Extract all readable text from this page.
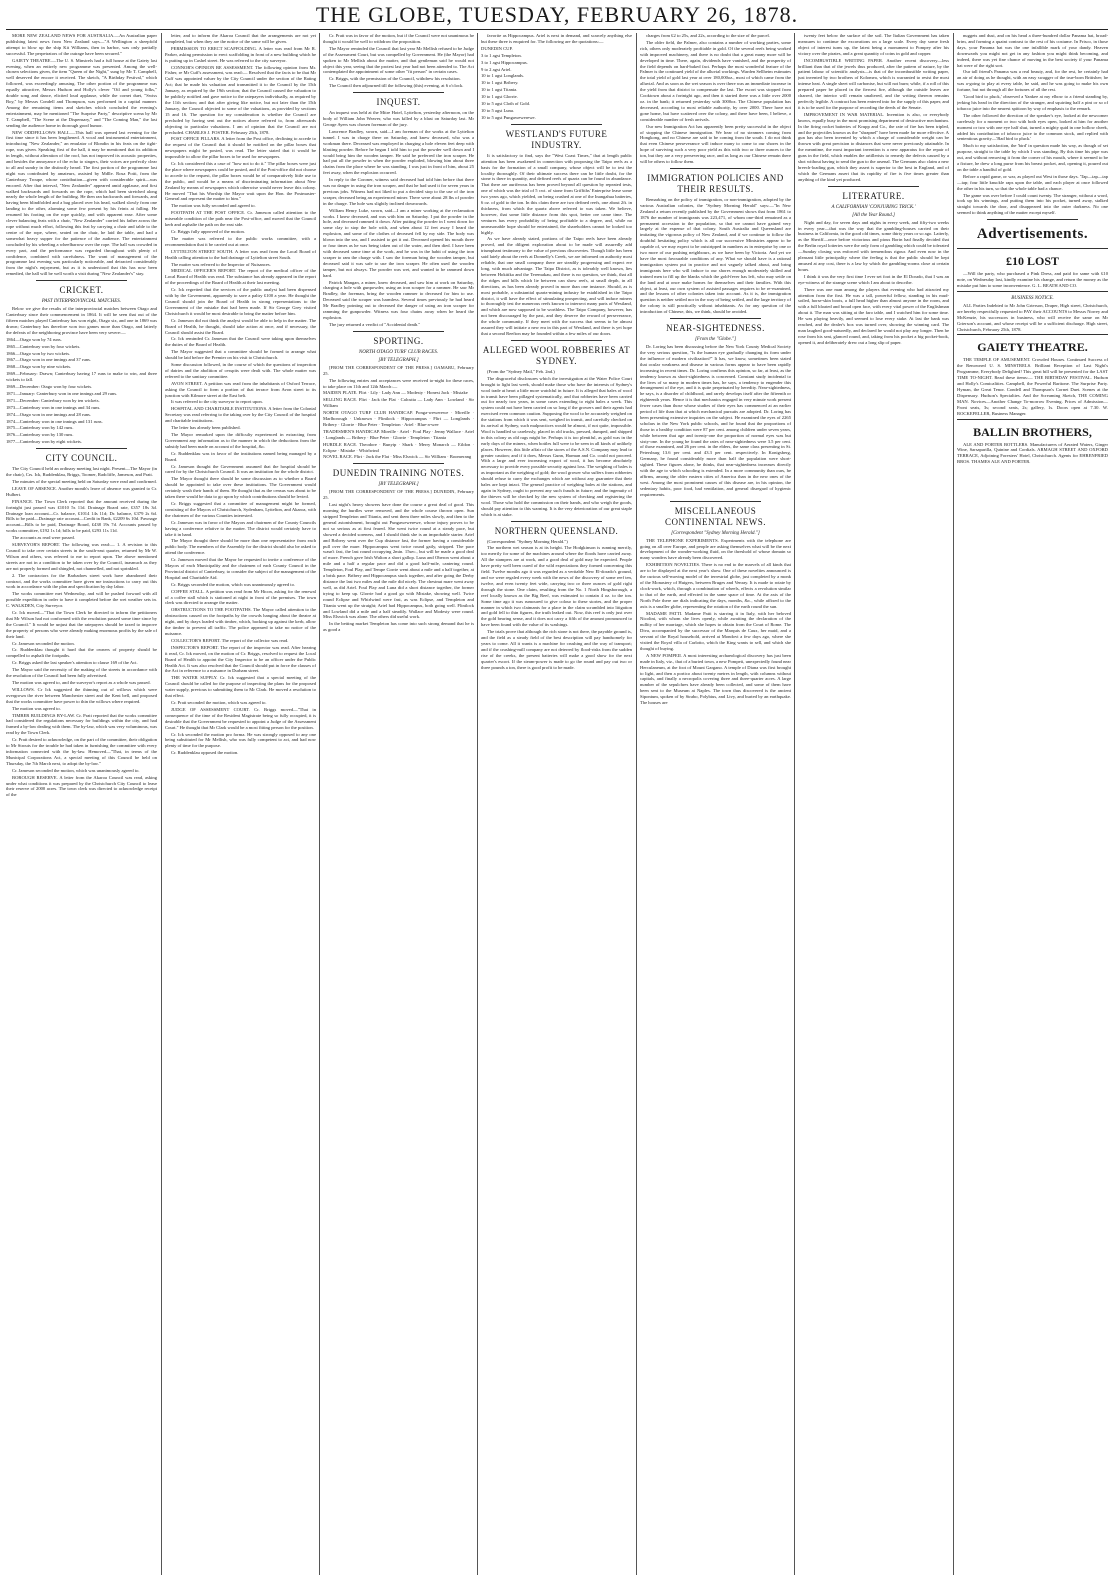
THE GLOBE, TUESDAY, FEBRUARY 26, 1878.

MORE NEW ZEALAND NEWS FOR AUSTRALIA.—An Australian paper publishing latest news from New Zealand says—"A Wellington a sheepfold attempt to blow up the ship Kit Williams, then in harbor, was only partially successful. The perpetrators of the outrage have been secured."

GAIETY THEATRE.—The U. S. Minstrels had a full house at the Gaiety last evening, when an entirely new programme was presented. Among the well-chosen selections given, the item "Queen of the Night," sung by Mr T. Campbell, well deserved the encore it received. The sketch, "A Birthday Festival," which followed, was exceedingly amusing. The other portion of the programme was equally attractive, Messrs Hudson and Holly's clever "Oil and young folks," double song and dance, elicited loud applause, while the cornet duet, "Swiss Boy," by Messrs Condell and Thompson, was performed in a capital manner. Among the remaining items and sketches which concluded the evening's entertainment, may be mentioned "The Surprise Party," descriptive scena by Mr T. Campbell, "The Scene at the Dispensary," and "The Coming Man," the last sending the audience home in thorough good humor.

NEW ODDFELLOWS HALL.—This hall was opened last evening for the first time since it has been lengthened. A vocal and instrumental entertainment, introducing "New Zealander," an emulator of Blondin in his feats on the tight-rope, was given. Speaking first of the hall, it may be mentioned that its addition in length, without alteration of the roof, has not improved its acoustic properties, and besides the annoyance of the echo to singers, their voices are perfectly clear to all and sundry in the distinctly heard. The first portion of the programme last night was contributed by amateurs, assisted by Mdlle. Rosa Potti, from the Canterbury Troupe, whose contribution—given with considerable spirit—was encored. After that interval, "New Zealander" appeared amid applause, and first walked backwards and forwards on the rope, which had been stretched along nearly the whole length of the building. He then ran backwards and forwards, and having been blindfolded and a bag placed over his head, walked slowly from one landing to the other, alarming some few present by his feints at falling. He resumed his footing on the rope quickly, and with apparent ease. After some clever balancing feats with a chair, "New Zealander" carried his father across the rope without much effort, following this feat by carrying a chair and table to the centre of the rope, where, seated on the chair, he laid the table, and had a somewhat heavy supper for the patience of the audience. The entertainment concluded by his wheeling a wheelbarrow over the rope. The hall was crowded in every part, and the performance was regarded throughout with plenty of confidence, combined with carefulness. The want of management of the programme last evening was particularly noticeable, and detracted considerably from the night's enjoyment, but as it is understood that this has now been remedied, the hall will be well worth a visit during "New Zealander's" stay.

CRICKET.
PAST INTERPROVINCIAL MATCHES.

Below we give the results of the interprovincial matches between Otago and Canterbury since their commencement in 1864. It will be seen that out of the fifteen matches played Canterbury has won eight, Otago six, and one in 1869 was drawn; Canterbury has therefore won two games more than Otago, and latterly the defeats of the neighboring province have been very severe:—

1864—Otago won by 74 runs.

1865—Canterbury won by four wickets.

1866—Otago won by two wickets.

1867—Otago won in one innings and 37 runs.

1868—Otago won by nine wickets.

1869—February: Drawn; Canterbury having 17 runs to make to win, and three wickets to fall.

1869—December: Otago won by four wickets.

1871—January: Canterbury won in one innings and 29 runs.

1871—December: Canterbury won by ten wickets.

1873—Canterbury won in one innings and 34 runs.

1874—Otago won in one innings and 28 runs.

1874—Canterbury won in one innings and 131 runs.

1875—Canterbury won by 142 runs.

1876—Canterbury won by 130 runs.

1877—Canterbury won by eight wickets.

CITY COUNCIL.

The City Council held an ordinary meeting last night. Present—The Mayor (in the chair), Crs. Ick, Ruddenklau, Briggs, Toomer, Radcliffe, Jameson, and Pratt.

The minutes of the special meeting held on Saturday were read and confirmed.

LEAVE OF ABSENCE. Another month's leave of absence was granted to Cr. Hulbert.

FINANCE. The Town Clerk reported that the amount received during the fortnight just passed was £1010 5s 11d. Drainage Board rate, £357 18s 3d. Drainage loan account—Cr. balance, £1014 14s 11d; Dr. balance, £379 2s 6d. Bills to be paid—Drainage rate account—Credit in Bank, £2209 6s 10d. Pawnage account—Bills to be paid, Drainage Board, £438 19s 7d. Accounts passed by works committee, £192 1s 1d; bills to be paid, £293 11s 11d.

The accounts as read were passed.

SURVEYOR'S REPORT. The following was read:— 1. A revision to this Council to take over certain streets in the south-east quarter, returned by Mr W. Wilson and others, was referred to me to report upon. The above mentioned streets are not in a condition to be taken over by the Council, inasmuch as they are not properly formed and shingled, not channelled, and not sprinkled.

2. The contractors for the Barbadoes street work have abandoned their contract, and the works committee have given me instructions to carry out this work in accordance with the plan and specification by day labor.

The works committee met Wednesday, and will be pushed forward with all possible expedition in order to have it completed before the wet weather sets in. C. WALKDEN, City Surveyor.

Cr. Ick moved—"That the Town Clerk be directed to inform the petitioners that Mr Wilson had not conformed with the resolution passed some time since by the Council." It would be unjust that the ratepayers should be taxed to improve the property of persons who were already making enormous profits by the sale of their land.

Cr. Jameson seconded the motion.

Cr. Ruddenklau thought it hard that the owners of property should be compelled to asphalt the footpaths.

Cr. Briggs asked the last speaker's attention to clause 169 of the Act.

The Mayor said the necessity of the making of the streets in accordance with the resolution of the Council had been fully advertised.

The motion was agreed to, and the surveyor's report as a whole was passed.

WILLOWS. Cr Ick suggested the thinning out of willows which were overgrown the river between Manchester street and the Kent bell, and proposed that the works committee have power to thin the willows where required.

The motion was agreed to.

TIMBER BUILDINGS BY-LAW. Cr. Pratt reported that the works committee had considered the regulations necessary for buildings within the city, and had framed a by-law dealing with them. The by-law, which was very voluminous, was read by the Town Clerk.

Cr. Pratt desired to acknowledge, on the part of the committee, their obligation to Mr Strouts for the trouble he had taken in furnishing the committee with every information connected with the by-law. Hemoved—"That, in terms of the Municipal Corporations Act, a special meeting of this Council be held on Thursday, the 7th March next, to adopt the by-law."

Cr. Jameson seconded the motion, which was unanimously agreed to.

BOROUGH RESERVE. A letter from the Akaroa Council was read, asking under what conditions it was prepared by the Christchurch City Council to lease their reserve of 2000 acres. The town clerk was directed to acknowledge receipt of the

letter, and to inform the Akaroa Council that the arrangements are not yet completed, but when they are the notice of the same will be given.

PERMISSION TO ERECT SCAFFOLDING. A letter was read from Mr R. Parker, asking permission to erect scaffolding in front of a new building which he is putting up in Cashel street. He was referred to the city surveyor.

CONNOR'S OPINION RE ASSESSMENT. The following opinion from Mr. Fisher, re Mr Cuff's assessment, was read:— Resolved that the facts to be that Mr Cuff was appointed valuer by the City Council under the section of the Rating Act; that he made his valuation and transmitted it to the Council by the 15th January, as required by the 19th section; that the Council caused the valuation to be publicly notified and gave notice to the ratepayers individually, as required by the 11th section; and that after giving like notice, but not later than the 15th January, the Council objected to some of the valuations, as provided by sections 15 and 16. The question for my consideration is whether the Council are precluded by having sent out the notices above referred to, from afterwards objecting to particular valuations. I am of opinion that the Council are not precluded. CHARLES J. FOSTER. February 25th, 1878.

POST OFFICE PILLARS. A letter from the Post office, declining to accede to the request of the Council that it should be notified on the pillar boxes that newspapers might be posted, was read. The letter stated that it would be impossible to allow the pillar boxes to be used for newspapers.

Cr. Ick considered this a case of "how not to do it." The pillar boxes were just the place where newspapers could be posted, and if the Post-office did not choose to accede to the request, the pillar boxes would be of comparatively little use to the public, and would be a means of discriminating information about New Zealand by means of newspapers which otherwise would never leave this colony. He moved "That his Worship the Mayor wait upon the Hon. the Postmaster-General and represent the matter to him."

The motion was fully seconded and agreed to.

FOOTPATH AT THE POST OFFICE. Cr. Jameson called attention to the miserable condition of the path near the Post-office, and moved that the Council kerb and asphalte the path on the east side.

Cr. Briggs fully approved of the motion.

The matter was referred to the public works committee, with a recommendation that it be carried out at once.

LYTTELTON STREET SOUTH. A letter was read from the Local Board of Health calling attention to the bad drainage of Lyttelton street South.

The matter was referred to the Inspector of Nuisances.

MEDICAL OFFICER'S REPORT. The report of the medical officer of the Local Board of Health was read. The substance has already appeared in the report of the proceedings of the Board of Health at their last meeting.

Cr. Ick regretted that the services of the public analyst had been dispensed with by the Government, apparently to save a paltry £100 a year. He thought the Council should join the Board of Health in strong representations to the Government of the mistake that had been made. If Sir George Grey visited Christchurch it would be most desirable to bring the matter before him.

Cr. Jameson did not think the analyst would be able to help in the matter. The Board of Health, he thought, should take action at once, and if necessary, the Council should assist the Board.

Cr. Ick reminded Cr. Jameson that the Council were taking upon themselves the duties of the Board of Health.

The Mayor suggested that a committee should be formed to arrange what should be laid before the Premier on his visit to Christchurch.

Some discussion followed, in the course of which the questions of inspection of dairies and the abolition of cesspits were dealt with. The whole matter was referred to the sanitary committee.

AVON STREET. A petition was read from the inhabitants of Oxford Terrace, asking the Council to form a portion of that terrace from Avon street to its junction with Kilmore street at the East belt.

It was referred to the city surveyor to report upon.

HOSPITAL AND CHARITABLE INSTITUTIONS. A letter from the Colonial Secretary was read referring to the taking over by the City Council of the hospital and charitable institutions.

The letter has already been published.

The Mayor remarked upon the difficulty experienced in extracting from Government any information as to the manner in which the deductions from the subsidy had been made on account of the hospital, &c.

Cr. Ruddenklau was in favor of the institutions named being managed by a Board.

Cr. Jameson thought the Government assumed that the hospital should be cared for by the Christchurch Council. It was an institution for the whole district.

The Mayor thought there should be some discussion as to whether a Board should be appointed to take over these institutions. The Government would certainly wash their hands of them. He thought that as the census was about to be taken there would be data to go upon by which contributions should be levied.

Cr. Briggs suggested that a committee of management might be formed, consisting of the Mayors of Christchurch, Sydenham, Lyttelton, and Akaroa, with the chairmen of the various Counties interested.

Cr. Jameson was in favor of the Mayors and chairmen of the County Councils having a conference relative to the matter. The district would certainly have to take it in hand.

The Mayor thought there should be more than one representative from each public body. The members of the Assembly for the district should also be asked to attend the conference.

Cr. Jameson moved that the Mayor be requested to invite a conference of the Mayors of each Municipality and the chairmen of each County Council in the Provincial district of Canterbury, to consider the subject of the management of the Hospital and Charitable Aid.

Cr. Briggs seconded the motion, which was unanimously agreed to.

COFFEE STALL. A petition was read from Mr Hicon, asking for the renewal of a coffee stall which is stationed at night in front of the premises. The town clerk was directed to arrange the matter.

OBSTRUCTIONS TO THE FOOTPATHS. The Mayor called attention to the obstructions caused on the footpaths by the crowds hanging about the theatre at night, and by drays loaded with timber, which, backing up against the kerb, allow the timber to prevent all traffic. The police appeared to take no notice of the nuisance.

COLLECTOR'S REPORT. The report of the collector was read.

INSPECTOR'S REPORT. The report of the inspector was read. After hearing it read, Cr. Ick moved, on the motion of Cr. Briggs, resolved to request the Local Board of Health to appoint the City Inspector to be an officer under the Public Health Act. It was also resolved that the Council should put in force the clauses of the Act in reference to a nuisance in Durham street.

THE WATER SUPPLY. Cr. Ick suggested that a special meeting of the Council should be called for the purpose of inspecting the plans for the proposed water supply, previous to submitting them to Mr Clark. He moved a resolution to that effect.

Cr. Pratt seconded the motion, which was agreed to.

JUDGE OF ASSESSMENT COURT. Cr. Briggs moved—"That in consequence of the time of the Resident Magistrate being so fully occupied, it is desirable that the Government be requested to appoint a Judge of the Assessment Court." He thought that Mr Clark would be a most fitting person for the position.

Cr. Ick seconded the motion pro forma. He was strongly opposed to any one being substituted for Mr Mellish, who was fully competent to act, and had now plenty of time for the purpose.

Cr. Ruddenklau opposed the motion.

Cr. Pratt was in favor of the motion, but if the Council were not unanimous he thought it would be well to withdraw the proposition.

The Mayor reminded the Council that last year Mr Mellish refused to be Judge of the Assessment Court, but was compelled by Government. He (the Mayor) had spoken to Mr Mellish about the matter, and that gentleman said he would not object this year, seeing that the protest last year had not been attended to. The Act contemplated the appointment of some other "fit person" in certain cases.

Cr. Briggs, with the permission of the Council, withdrew his resolution.

The Council then adjourned till the following (this) evening, at 6 o'clock.

INQUEST.

An inquest was held at the Mitre Hotel, Lyttelton, yesterday afternoon, on the body of William John Weaver, who was killed by a blast on Saturday last. Mr George Ayers was chosen foreman of the jury.

Lawrence Bradley, sworn, said—I am foreman of the works at the Lyttelton tunnel. I was in charge there on Saturday, and knew deceased, who was a workman there. Deceased was employed in charging a hole eleven feet deep with blasting powder. Before he began I told him to put the powder well down and I would bring him the wooden tamper. He said he preferred the iron scraper. He had put all the powder in when the powder exploded, blowing him about three chains from the place where he was standing. I was just in front of him, about 25 feet away, when the explosion occurred.

In reply to the Coroner, witness said deceased had told him before that there was no danger in using the iron scraper, and that he had used it for seven years in previous jobs. Witness had not liked to put a decided stop to the use of the iron scraper, deceased being an experienced miner. There were about 28 lbs of powder in the charge. The hole was slightly inclined downwards.

William Henry Luke, sworn, said—I am a miner working at the reclamation works. I knew deceased, and was with him on Saturday. I put the powder in the hole, and deceased rammed it down. After putting the powder in I went down for some clay to stop the hole with, and when about 12 feet away I heard the explosion, and some of the clothes of deceased fell by my side. The body was blown into the sea, and I assisted to get it out. Deceased opened his mouth three or four times as he was being taken out of the water, and then died. I have been with deceased some time at the work, and he was in the habit of using the iron scraper to ram the charge with. I saw the foreman bring the wooden tamper, but deceased said it was safe to use the iron scraper. He often used the wooden tamper, but not always. The powder was wet, and wanted to be rammed down hard.

Patrick Mangan, a miner, knew deceased, and saw him at work on Saturday, charging a hole with gunpowder, using an iron scraper for a rammer. He saw Mr Bradley, the foreman, bring the wooden rammer to deceased for him to use. Deceased said the scraper was harmless. Several times previously he had heard Mr Bradley pointing out to deceased the danger of using an iron scraper for ramming the gunpowder. Witness was four chains away when he heard the explosion.

The jury returned a verdict of "Accidental death."

SPORTING.
NORTH OTAGO TURF CLUB RACES.
[BY TELEGRAPH.]

[FROM THE CORRESPONDENT OF THE PRESS.] OAMARU, February 25.

The following entries and acceptances were received to-night for these races, to take place on 11th and 12th March:—

MAIDEN PLATE. Flirt · Lily · Lady Ann — Modesty · Honest Jack · Mistake

SELLING RACE. Flirt · Jack the Flat · Calcutta — Lady Ann · Lowland · Sir William

NORTH OTAGO TURF CLUB HANDICAP. Ponga-wewerewe · Mireille · Marlborough · Unknown · Flintlock · Hippocampus · Flirt — Longlands · Bribery · Glorrie · Blue Peter · Templeton · Ariel · Blue-a-wee

TRADESMEN'S HANDICAP. Mireille · Ariel · Foul Play · Jenny Wallace · Ariel · Longlands — Bribery · Blue Peter · Glorrie · Templeton · Titania

HURDLE RACE. Theodore · Bunyip · Shark · Merry Monarch — Eildon · Eclipse · Mistake · Whirlwind

NOVEL RACE. Flirt · Jack the Flat · Miss Elswick — Sir William · Boomerang

DUNEDIN TRAINING NOTES.
[BY TELEGRAPH.]

[FROM THE CORRESPONDENT OF THE PRESS.] DUNEDIN, February 25.

Last night's heavy showers have done the course a great deal of good. This morning the hurdles were removed, and the whole course thrown open. Sun stripped Templeton and Titania, and sent them three miles slowly, and then to the general astonishment, brought out Pungawewerewe, whose injury proves to be not so serious as at first feared. She went twice round at a steady pace, but showed a decided soreness, and I should think she is an improbable starter. Ariel and Bribery went over the Cup distance fast, the former having a considerable pull over the mare. Hippocampus went twice round gaily, stripped. The pace wasn't fast, the last round occupying 2min. 15sec., but will be made a good deal of more. French gave Irish Walton a short gallop. Luna and Oberon went about a mile and a half a regular pace and did a good half-mile, cantering round. Templeton, Foul Play, and Tempe Corrie went about a mile and a half together, at a brisk pace. Bribery and Hippocampus stuck together, and after going the Derby distance the last two miles and the mile did nicely. The chestnut mare went away well, as did Ariel. Foul Play and Luna did a short distance together, the former trying to keep up. Glorrie had a good go with Mistake, showing well. Twice round Eclipse and Whirlwind were fast, as was Eclipse, and Templeton and Titania went up the straight; Ariel had Hippocampus, both going well. Flintlock and Lowland did a mile and a half steadily. Wallace and Modesty were round. Miss Elswick was alone. The others did useful work.

In the betting market Templeton has come into such strong demand that he is as good a

favorite as Hippocampus. Ariel is next in demand, and scarcely anything else but these three is enquired for. The following are the quotations:—

DUNEDIN CUP.

3 to 1 agst Templeton.

3 to 1 agst Hippocampus.

9 to 2 agst Ariel.

10 to 1 agst Longlands.

10 to 1 agst Bribery.

10 to 1 agst Titania.

10 to 1 agst Glorrie.

10 to 5 agst Cloth of Gold.

10 to 5 agst Luna.

10 to 5 agst Pungawewerewe.

WESTLAND'S FUTURE INDUSTRY.

It is satisfactory to find, says the "West Coast Times," that at length public attention has been awakened in connection with proposing the Taipo reefs as a basis for the formation of a small company, whose object will be to test the locality thoroughly. Of their ultimate success there can be little doubt, for the stone is there in quantity, and defined reefs of quartz can be found in abundance. That there are auriferous has been proved beyond all question by repeated tests, one of which was the trial of 5 cwt. of stone from Griffiths' Enterprise lease some two years ago, which yielded, on being crushed at one of the Inangahua batteries, 6 oz. of gold to the ton. In this claim there are two defined reefs, one about 2ft. in thickness, from which the quartz above referred to was taken. We believe, however, that some little distance from this spot, better ore came time. The ventures has every probability of being profitable to a degree, and, while no unreasonable hope should be entertained, the shareholders cannot be looked too highly.

As we have already stated, portions of the Taipo reefs have been already proved, and the diligent exploration about to be made will assuredly add triumphant testimony to the value of previous discoveries. Though little has been said lately about the reefs at Donnelly's Creek, we are informed on authority most reliable, that one small company there are steadily progressing and expect ere long, with much advantage. The Taipo District, as is tolerably well known, lies between Hokitika and the Teremakau, and there is no question, we think, that all the ridges and hills which lie between can show reefs, at small depth, in all directions, as has been already proved in more than one instance. Should, as is most probable, a substantial quartz-mining industry be established in the Taipo district, it will have the effect of stimulating prospecting, and will induce miners to thoroughly test the numerous reefs known to intersect many parts of Westland, and which are now supposed to be worthless. The Taipo Company, however, has not been discouraged by the past, and they deserve the reward of perseverance, the whole community. If they meet with the success that seems to be almost assured they will initiate a new era in this part of Westland, and there is yet hope that a second Reefton may be founded within a few miles of our doors.

ALLEGED WOOL ROBBERIES AT SYDNEY.

(From the "Sydney Mail," Feb. 2nd.)

The disgraceful disclosures which the investigation at the Water Police Court brought to light last week, should make those who have the interests of Sydney's wool trade at heart a little more watchful in future. It is alleged that bales of wool in transit have been pillaged systematically, and that robberies have been carried out for nearly two years, in some cases extending to eight bales a week. This system could not have been carried on so long if the growers and their agents had exercised even common caution. Supposing the wool to be accurately weighed on the stations from which it was sent, weighed in transit, and carefully checked on its arrival at Sydney, such malpractices would be almost, if not quite, impossible. Wool is handled so carelessly, placed in old trucks, pressed, dumped, and shipped in this colony as old rags might be. Perhaps it is too plentiful, as gold was in the early days of the miners, when bottles full were to be seen in all kinds of unlikely places. However, this little affair of the stores of the A.S.N. Company may lead to greater caution; and if it does, Messrs Gunn, Harman and Co. could not proceed. With a large and ever increasing export of wool, it has become absolutely necessary to provide every possible security against loss. The weighing of bales is as important as the weighing of gold; the wool grower who suffers from robberies should refuse to carry the exchanges which are without any guarantee that their bales are kept intact. The general practice of weighing bales at the stations, and again in Sydney, ought to prevent any such frauds in future; and the ingenuity of the thieves will be checked by the new system of checking and registering the wool. Those who hold the commission on their hands, and who weigh the goods, should pay attention to this warning. It is the very deterioration of our great staple which is at stake.

NORTHERN QUEENSLAND.

(Correspondent "Sydney Morning Herald.")

The northern wet season is at its height. The Hodgkinson is running merrily, too merrily for some of the machines around where the floods have carried away. All the stampers are at work, and a good deal of gold may be expected. People have pretty well been cured of the wild expectations they formed concerning this field. Twelve months ago it was regarded as a veritable New El-dorado's ground, and we were regaled every week with the news of the discovery of some reef ten, twelve, and even twenty feet wide, carrying two or three ounces of gold right through the stone. One claim, resulting from the No. 1 North Hingsborough, a reef locally known as the Big Reef, was estimated to contain 4 oz. to the ton. Some time ago it was rumoured to give colour to these stories, and the proper manner in which two claimants for a place in the claim scrambled into litigation and gold fell to thin figures, the truth leaked out. Now, this reef is only just over the gold bearing sense, and it does not carry a fifth of the amount pronounced to have been found with the value of its washings.

The trials prove that although the rich stone is not there, the payable ground is, and the field as a steady field of the best description will pay handsomely for years to come. All it wants is a machine for crushing and the way of transport; and if the crushing-mill company are not deterred by flood-risks from the sudden rise of the creeks, the present batteries will make a good show for the next quarter's escort. If the steam-power is made to go the round and pay out two or three pounds a ton, there is good profit to be made.

charges from £2 to 25s, and 22s, according to the size of the parcel.

The older field, the Palmer, also contains a number of working parties, some rich, others only moderately profitable in gold. Of the several reefs being worked with improved machinery, and there is no doubt that a great many more will be developed in time. There, again, dividends have vanished, and the prosperity of the field depends on hard-baked fact. Perhaps the most wonderful feature of the Palmer is the continued yield of the alluvial workings. Warden Sellheim estimates the total yield of gold last year at over 180,000oz., most of which came from the alluvial. And as soon as the wet season is over there was an immediate increase in the yield from that district to compensate the last. The escort was stopped from Cooktown about a fortnight ago, and then it started there was a little over 2000 oz. in the bank; it returned yesterday with 3000oz. The Chinese population has decreased, according to most reliable authority, by over 2000. There have not gone home, but have scattered over the colony, and there have been, I believe, a considerable number of fresh arrivals.

Our new Immigration Act has apparently been pretty successful in the object of stopping the Chinese immigration. We hear of no steamers coming from Hongkong, and no Chinese are said to be coming from the south. I do not think that even Chinese perseverance will induce many to come to our shores in the hope of surviving such a very poor yield as this with two or three ounces to the ton, but they are a very persevering race, and as long as our Chinese remain there will be others to follow them.

IMMIGRATION POLICIES AND THEIR RESULTS.

Remarking on the policy of immigration, or non-immigration, adopted by the various Australian colonies, the "Sydney Morning Herald" says:—"In New Zealand a return recently published by the Government shows that from 1861 to 1876 the number of immigrants was 223,471, of whom one-third remained as a permanent accession to the population, so that we cannot have gained very largely at the expense of that colony. South Australia and Queensland are imitating the vigorous policy of New Zealand, and if we continue to follow the doubtful hesitating policy which is all our successive Ministries appear to be capable of, we may expect to be outstripped in numbers as in enterprise by one or two more of our pushing neighbours, as we have been by Victoria. And yet we have the most favourable conditions of any. What we should have is a rational immigration system put in practice and not vaguely talked about, and bring immigrants here who will induce to our shores enough moderately skilled and trained men to fill up the blanks which the gold-fever has left, who may settle on the land and at once make homes for themselves and their families. With this object, at least, our own system of assisted passages requires to be re-examined, and the lessons of other colonies taken into account. As it is, the immigration question is neither settled nor in the way of being settled, and the large territory of the colony is still practically without inhabitants. As for any question of the introduction of Chinese, this, we think, should be avoided.

NEAR-SIGHTEDNESS.
[From the "Globe."]

Dr. Loring has been discussing before the New York County Medical Society the very serious question, "Is the human eye gradually changing its form under the influence of modern civilization?" It has, we know, sometimes been stated that ocular weakness and disease in various forms appear to have been rapidly increasing in recent times. Dr. Loring confirms this opinion, so far, at least, as the tendency known as short-sightedness is concerned. Constant study incidental to the lives of so many in modern times has, he says, a tendency to engender this derangement of the eye, and it is quite perpetuated by heredity. Near-sightedness, he says, is a disorder of childhood, and rarely develops itself after the fifteenth or eighteenth years. Hence it is that mechanics engaged in very minute work present fewer cases than those whose studies of their eyes has commenced at an earlier period of life than that at which mechanical pursuits are adopted. Dr. Loring has been presenting extensive inquiries on the subject. He examined the eyes of 2265 scholars in the New York public schools, and he found that the proportions of those in a healthy condition were 87 per cent. among children under seven years, while between that age and twenty-one the proportion of normal eyes was but sixty-one. In the young he found the rates of near-sightedness were 3.5 per cent. of those examined, and 26 per cent. in the elders, the same class presenting in St. Petersburg 13.6 per cent. and 43.3 per cent. respectively. In Konigsberg, Germany, he found considerably more than half the population were short-sighted. These figures alone, he thinks, that near-sightedness increases directly with the age to which schooling is extended. In a more community than ours, he affirms, among the older eastern cities of America than in the new ones of the west. Among the most prominent causes of this disease are, in his opinion, the sedentary habits, poor food, bad ventilation, and general disregard of hygienic requirements.

MISCELLANEOUS CONTINENTAL NEWS.
[Correspondent "Sydney Morning Herald."]

THE TELEPHONE EXPERIMENTS. Experiments with the telephone are going on all over Europe, and people are asking themselves what will be the next development of the wonder-working fluid, on the threshold of whose domain so many wonders have already been discovered.

EXHIBITION NOVELTIES. There is no end to the marvels of all kinds that are to be displayed at the next year's show. One of these novelties announced is the curious self-moving model of the terrestrial globe, just completed by a monk of the Monastery of Huigers, between Bruges and Venray. It is made to rotate by clock-work, which, through a combination of wheels, effects a revolution similar to that of the earth, and effected in the same space of time. At the axis of the North Pole there are dials indicating the days, months, &c., while affixed to the axis is a smaller globe, representing the rotation of the earth round the sun.

MADAME PATTI. Madame Patti is starring it in Italy, with her beloved Nicolini, with whom she lives openly, while awaiting the declaration of the nullity of her marriage, which she hopes to obtain from the Court of Rome. The Diva, accompanied by the successor of the Marquis de Caux, her maid, and a servant of the Royal household, arrived at Mondovi a few days ago, where she visited the Royal villa of Carlotto, which the King wants to sell, and which she thought of buying.

A NEW POMPEII. A most interesting archaeological discovery has just been made in Italy, viz., that of a buried town, a new Pompeii, unexpectedly found near Herculaneum, at the foot of Mount Gargano. A temple of Diana was first brought to light, and then a portico about twenty metres in length, with columns without capitals, and finally a necropolis covering three and three-quarter acres. A large number of the sepulchres have already been collected, and some of them have been sent to the Museum at Naples. The town thus discovered is the ancient Sipontum, spoken of by Strabo, Polybius, and Livy, and buried by an earthquake. The houses are

twenty feet below the surface of the soil. The Italian Government has taken measures to continue the excavations on a large scale. Every day some fresh object of interest turns up, the latest being a monument to Pompey after his victory over the pirates, and a great quantity of coins in gold and copper.

INCOMBUSTIBLE WRITING PAPER. Another recent discovery—less brilliant than that of the jewels thus produced, after the pattern of nature, by the patient labour of scientific analysts—is that of the incombustible writing paper, just invented by two brothers of Kolomea, which is warranted to resist the most intense heat. A single sheet will carbonise, but will not burn; while, if a roll of this prepared paper be placed in the fiercest fire, although the outside leaves are charred, the interior will remain unaltered, and the writing thereon remains perfectly legible. A contract has been entered into for the supply of this paper, and it is to be used for the purpose of recording the deeds of the Senate.

IMPROVEMENT IN WAR MATERIAL. Invention is also, or everybody knows, equally busy in the most promising department of destructive mechanism. In the firing rocket batteries of Krupp and Co., the rate of fire has been tripled, and the projectiles known as the "shrapnel" have been made far more effective. A gun has also been invented by which a charge of considerable weight can be thrown with great precision to distances that were never previously attainable. In the meantime, the most important invention is a new apparatus for the repair of guns in the field, which enables the artillerists to remedy the defects caused by a shot without having to send the gun to the arsenal. The Germans also claim a new breech-loading gun, which they assert is superior to the best in England, and of which the Germans assert that its rapidity of fire is five times greater than anything of the kind yet produced.

LITERATURE.
A CALIFORNIAN 'CONJURING TRICK.'
[All the Year Round.]

Night and day, for seven days and nights in every week, and fifty-two weeks in every year—that was the way that the gambling-houses carried on their business in California, in the good old times, some thirty years or so ago. Latterly, as the Sheriff—once before victorious and pious Borin had finally decided that the Berlin royal lotteries were the only form of gambling which could be tolerated—Sunday closing was enforced with tremendous rigour. And even now in the pleasant little principality where the feeling is that the public should be kept amused at any cost, there is a law by which the gambling-rooms close at certain hours.

I think it was the very first time I ever set foot in the El Dorado, that I was an eye-witness of the strange scene which I am about to describe.

There was one man among the players that evening who had attracted my attention from the first. He was a tall, powerful fellow, standing in his mud-soiled, horse-skin boots, a full head higher than almost anyone in the room, and with a full bloated and broad open face, with every vital power of the Englishman about it. The man was sitting at the faro table, and I watched him for some time. He was playing heavily, and seemed to lose every stake. At last the bank was reached, and the dealer's box was turned over, showing the winning card. The man laughed good-naturedly, and declared he would not play any longer. Then he rose from his seat, glanced round, and, taking from his pocket a big pocket-book, opened it, and deliberately drew out a long slip of paper.

nuggets and dust, and on his head a three-hundred dollar Panama hat, broad-brim, and forming a quaint contrast to the rest of his costume. In Frisco, in those days, your Panama hat was the one infallible mark of your dandy. Heaven downwards you might not get in any fashion you might think becoming, and indeed, there was yet fine chance of moving in the best society if your Panama hat were of the right sort.

Our tall friend's Panama was a real beauty, and, for the rest, he certainly had an air of doing as he thought, with an easy swagger of the true-born Britisher; he was a-going to play at every table, he said, and he was going to make his own fortune, but not through all the fortunes of all the rest.

'Good bird to pluck,' observed a Yankee at my elbow to a friend standing by, jerking his head in the direction of the stranger, and squirting half a pint or so of tobacco juice into the nearest spittoon by way of emphasis to the remark.

The other followed the direction of the speaker's eye, looked at the newcomer carelessly for a moment or two with both eyes open, looked at him for another moment or two with one eye half shut, turned a mighty quid in one hollow cheek, added his contribution of tobacco juice to the common stock, and replied with sententious gravity—'Bad bird to pluck.'

Much to my satisfaction, the 'bird' in question made his way, as though of set purpose, straight to the table by which I was standing. By this time his pipe was out, and without removing it from the corner of his mouth, where it seemed to be a fixture, he drew a long purse from his breast pocket, and, opening it, poured out on the table a handful of gold.

Before a rapid game, or war, as played out West in those days. 'Tap—tap—tap—tap; four little knuckle raps upon the table, and each player at once followed the other in his turn, so that the whole table had a chance.

The game was over before I could count twenty. The stranger, without a word, took up his winnings, and putting them into his pocket, turned away, stalked straight towards the door, and disappeared into the outer darkness. No one seemed to think anything of the matter except myself.

Advertisements.
£10 LOST

—Will the party, who purchased a Pink Dress, and paid for same with £10 note, on Wednesday last, kindly examine his change, and return the money as the mistake put him to some inconvenience. G. L. BEATH AND CO.

BUSINESS NOTICE.

ALL Parties Indebted to Mr John Grierson, Draper, High street, Christchurch, are hereby respectfully requested to PAY their ACCOUNTS to Messrs Norrey and McKenzie, his successors in business, who will receive the same on Mr Grierson's account, and whose receipt will be a sufficient discharge. High street, Christchurch, February 25th, 1878.

GAIETY THEATRE.

THE TEMPLE OF AMUSEMENT. Crowded Houses. Continued Success of the Renowned U. S. MINSTRELS. Brilliant Reception of Last Night's Programme, Everybody Delighted! This great bill will be presented for the LAST TIME TO-NIGHT. Read these items:— THE BIRTHDAY FESTIVAL. Hudson and Holly's Comicalities. Campbell, the Powerful Baritone. The Surprise Party. Hyman, the Great Tenor. Condell and Thompson's Cornet Duet. Scenes at the Dispensary. Hudson's Specialties. And the Screaming Sketch, THE COMING MAN. Novices—Another Change To-morrow Evening. Prices of Admission—Front seats, 3s; second seats, 2s; gallery, 1s. Doors open at 7.30. W. ROCKEFELLER, Business Manager.

BALLIN BROTHERS,

ALE AND PORTER BOTTLERS. Manufacturers of Aerated Waters, Ginger Wine, Sarsaparilla, Quinine and Cordials. ARMAGH STREET AND OXFORD TERRACE, Adjoining Foresters' Hotel, Christchurch. Agents for EHRENFRIED BROS. THAMES ALE AND PORTER.
